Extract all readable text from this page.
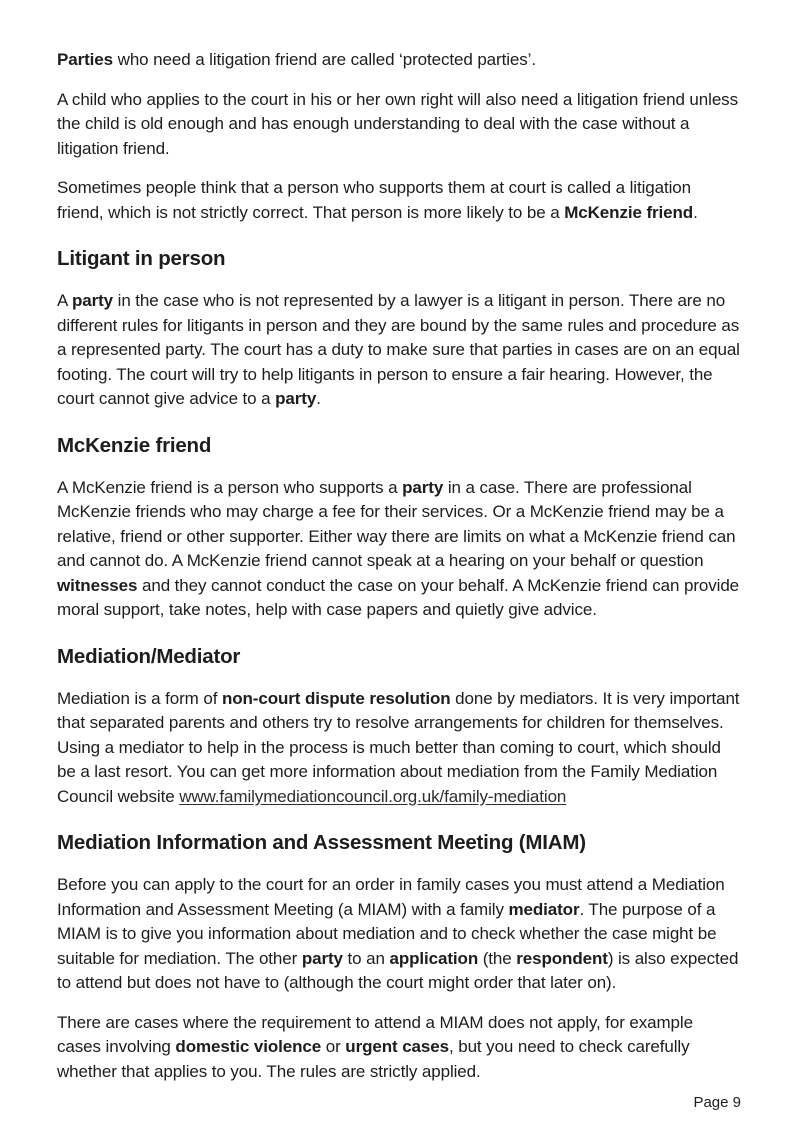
Parties who need a litigation friend are called ‘protected parties’.

A child who applies to the court in his or her own right will also need a litigation friend unless the child is old enough and has enough understanding to deal with the case without a litigation friend.

Sometimes people think that a person who supports them at court is called a litigation friend, which is not strictly correct. That person is more likely to be a McKenzie friend.

Litigant in person

A party in the case who is not represented by a lawyer is a litigant in person. There are no different rules for litigants in person and they are bound by the same rules and procedure as a represented party. The court has a duty to make sure that parties in cases are on an equal footing. The court will try to help litigants in person to ensure a fair hearing. However, the court cannot give advice to a party.

McKenzie friend

A McKenzie friend is a person who supports a party in a case. There are professional McKenzie friends who may charge a fee for their services. Or a McKenzie friend may be a relative, friend or other supporter. Either way there are limits on what a McKenzie friend can and cannot do. A McKenzie friend cannot speak at a hearing on your behalf or question witnesses and they cannot conduct the case on your behalf. A McKenzie friend can provide moral support, take notes, help with case papers and quietly give advice.

Mediation/Mediator

Mediation is a form of non-court dispute resolution done by mediators. It is very important that separated parents and others try to resolve arrangements for children for themselves. Using a mediator to help in the process is much better than coming to court, which should be a last resort. You can get more information about mediation from the Family Mediation Council website www.familymediationcouncil.org.uk/family-mediation

Mediation Information and Assessment Meeting (MIAM)

Before you can apply to the court for an order in family cases you must attend a Mediation Information and Assessment Meeting (a MIAM) with a family mediator. The purpose of a MIAM is to give you information about mediation and to check whether the case might be suitable for mediation. The other party to an application (the respondent) is also expected to attend but does not have to (although the court might order that later on).

There are cases where the requirement to attend a MIAM does not apply, for example cases involving domestic violence or urgent cases, but you need to check carefully whether that applies to you. The rules are strictly applied.

Page 9
